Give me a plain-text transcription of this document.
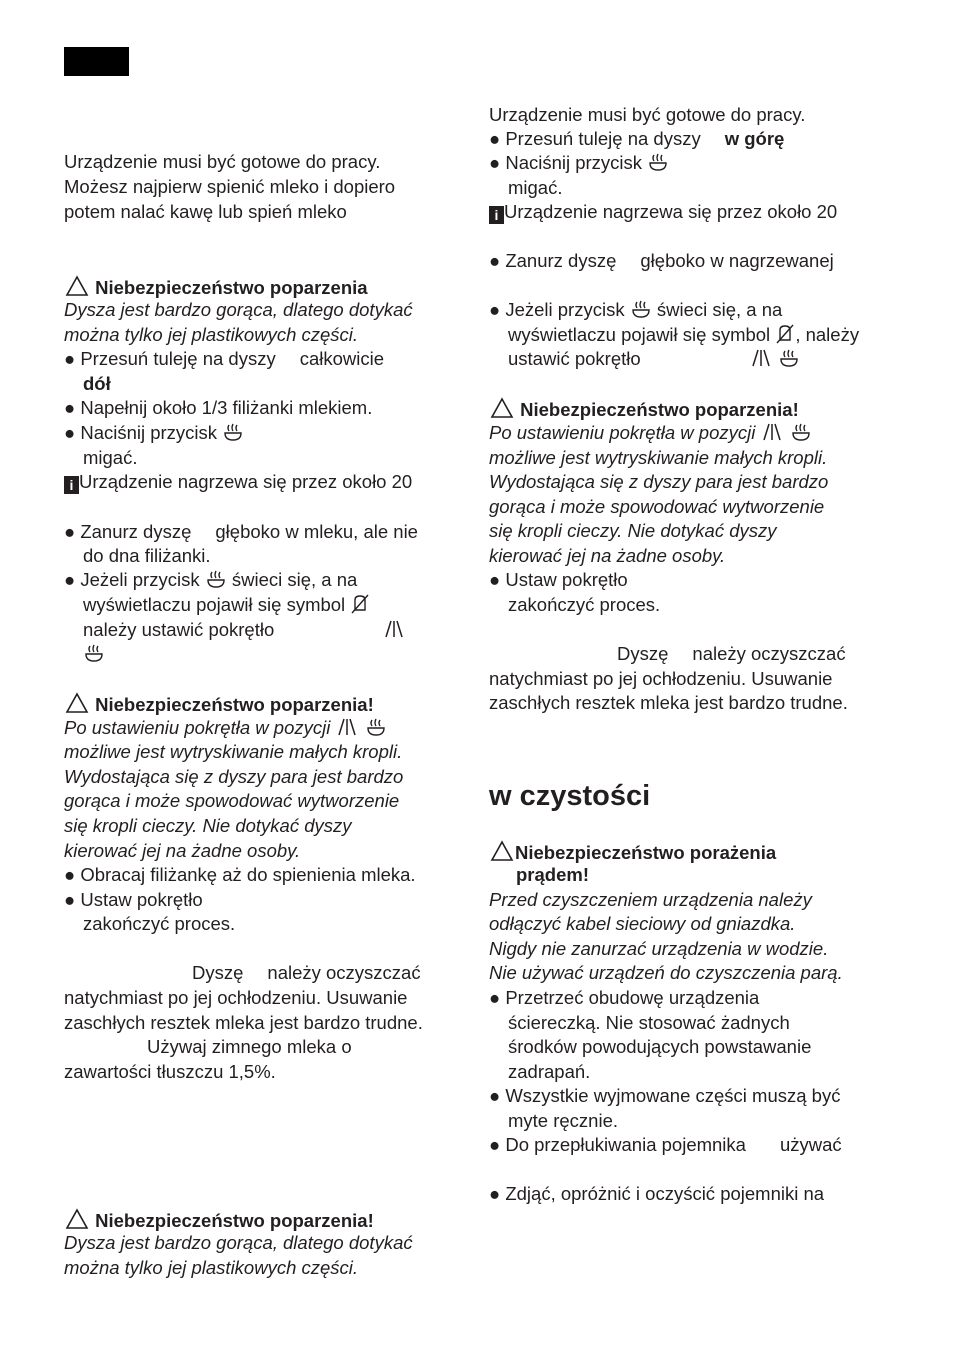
Urządzenie musi być gotowe do pracy.
Możesz najpierw spienić mleko i dopiero
potem nalać kawę lub spień mleko
Niebezpieczeństwo poparzenia
Dysza jest bardzo gorąca, dlatego dotykać
można tylko jej plastikowych części.
● Przesuń tuleję na dyszy całkowicie
dół
● Napełnij około 1/3 filiżanki mlekiem.
● Naciśnij przycisk
migać.
i Urządzenie nagrzewa się przez około 20
● Zanurz dyszę głęboko w mleku, ale nie
do dna filiżanki.
● Jeżeli przycisk świeci się, a na
wyświetlaczu pojawił się symbol
należy ustawić pokrętło
Niebezpieczeństwo poparzenia!
Po ustawieniu pokrętła w pozycji
możliwe jest wytryskiwanie małych kropli.
Wydostająca się z dyszy para jest bardzo
gorąca i może spowodować wytworzenie
się kropli cieczy. Nie dotykać dyszy
kierować jej na żadne osoby.
● Obracaj filiżankę aż do spienienia mleka.
● Ustaw pokrętło
zakończyć proces.
Dyszę należy oczyszczać
natychmiast po jej ochłodzeniu. Usuwanie
zaschłych resztek mleka jest bardzo trudne.
Używaj zimnego mleka o
zawartości tłuszczu 1,5%.
Niebezpieczeństwo poparzenia!
Dysza jest bardzo gorąca, dlatego dotykać
można tylko jej plastikowych części.
Urządzenie musi być gotowe do pracy.
● Przesuń tuleję na dyszy w górę
● Naciśnij przycisk
migać.
i Urządzenie nagrzewa się przez około 20
● Zanurz dyszę głęboko w nagrzewanej
● Jeżeli przycisk świeci się, a na
wyświetlaczu pojawił się symbol , należy
ustawić pokrętło
Niebezpieczeństwo poparzenia!
Po ustawieniu pokrętła w pozycji
możliwe jest wytryskiwanie małych kropli.
Wydostająca się z dyszy para jest bardzo
gorąca i może spowodować wytworzenie
się kropli cieczy. Nie dotykać dyszy
kierować jej na żadne osoby.
● Ustaw pokrętło
zakończyć proces.
Dyszę należy oczyszczać
natychmiast po jej ochłodzeniu. Usuwanie
zaschłych resztek mleka jest bardzo trudne.
w czystości
Niebezpieczeństwo porażenia
prądem!
Przed czyszczeniem urządzenia należy
odłączyć kabel sieciowy od gniazdka.
Nigdy nie zanurzać urządzenia w wodzie.
Nie używać urządzeń do czyszczenia parą.
● Przetrzeć obudowę urządzenia
ściereczką. Nie stosować żadnych
środków powodujących powstawanie
zadrapań.
● Wszystkie wyjmowane części muszą być
myte ręcznie.
● Do przepłukiwania pojemnika używać
● Zdjąć, opróżnić i oczyścić pojemniki na
